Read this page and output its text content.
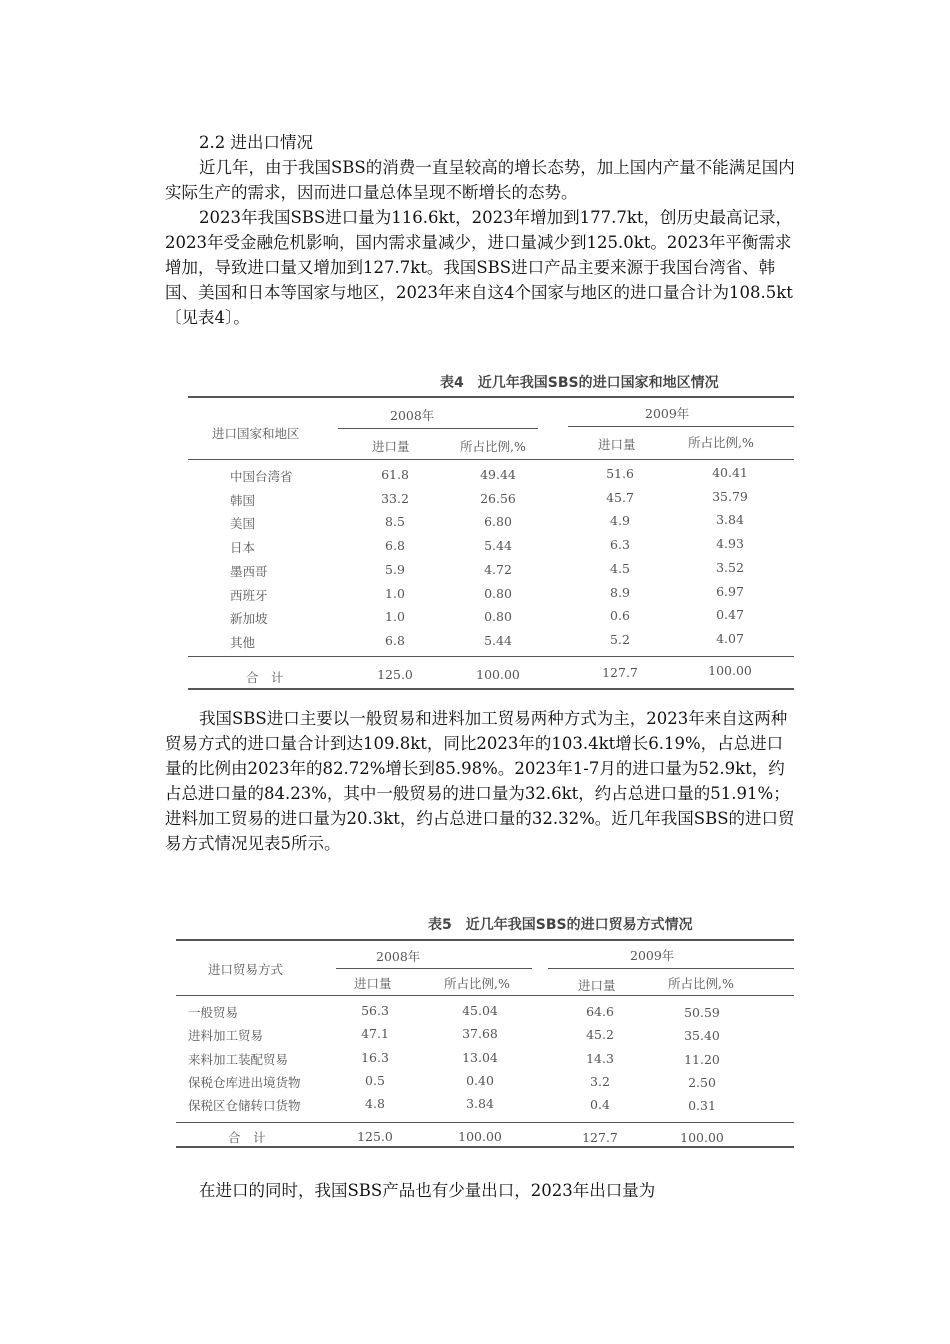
2.2 进出口情况

近几年，由于我国SBS的消费一直呈较高的增长态势，加上国内产量不能满足国内实际生产的需求，因而进口量总体呈现不断增长的态势。

2023年我国SBS进口量为116.6kt，2023年增加到177.7kt，创历史最高记录，2023年受金融危机影响，国内需求量减少，进口量减少到125.0kt。2023年平衡需求增加，导致进口量又增加到127.7kt。我国SBS进口产品主要来源于我国台湾省、韩国、美国和日本等国家与地区，2023年来自这4个国家与地区的进口量合计为108.5kt〔见表4〕。

表4　近几年我国SBS的进口国家和地区情况
进口国家和地区
2008年	2009年
进口量	所占比例,%	进口量	所占比例,%
中国台湾省	61.8	49.44	51.6	40.41
韩国	33.2	26.56	45.7	35.79
美国	8.5	6.80	4.9	3.84
日本	6.8	5.44	6.3	4.93
墨西哥	5.9	4.72	4.5	3.52
西班牙	1.0	0.80	8.9	6.97
新加坡	1.0	0.80	0.6	0.47
其他	6.8	5.44	5.2	4.07
合　计	125.0	100.00	127.7	100.00

我国SBS进口主要以一般贸易和进料加工贸易两种方式为主，2023年来自这两种贸易方式的进口量合计到达109.8kt，同比2023年的103.4kt增长6.19%，占总进口量的比例由2023年的82.72%增长到85.98%。2023年1-7月的进口量为52.9kt，约占总进口量的84.23%，其中一般贸易的进口量为32.6kt，约占总进口量的51.91%；进料加工贸易的进口量为20.3kt，约占总进口量的32.32%。近几年我国SBS的进口贸易方式情况见表5所示。

表5　近几年我国SBS的进口贸易方式情况
进口贸易方式
2008年	2009年
进口量	所占比例,%	进口量	所占比例,%
一般贸易	56.3	45.04	64.6	50.59
进料加工贸易	47.1	37.68	45.2	35.40
来料加工装配贸易	16.3	13.04	14.3	11.20
保税仓库进出境货物	0.5	0.40	3.2	2.50
保税区仓储转口货物	4.8	3.84	0.4	0.31
合　计	125.0	100.00	127.7	100.00

在进口的同时，我国SBS产品也有少量出口，2023年出口量为
